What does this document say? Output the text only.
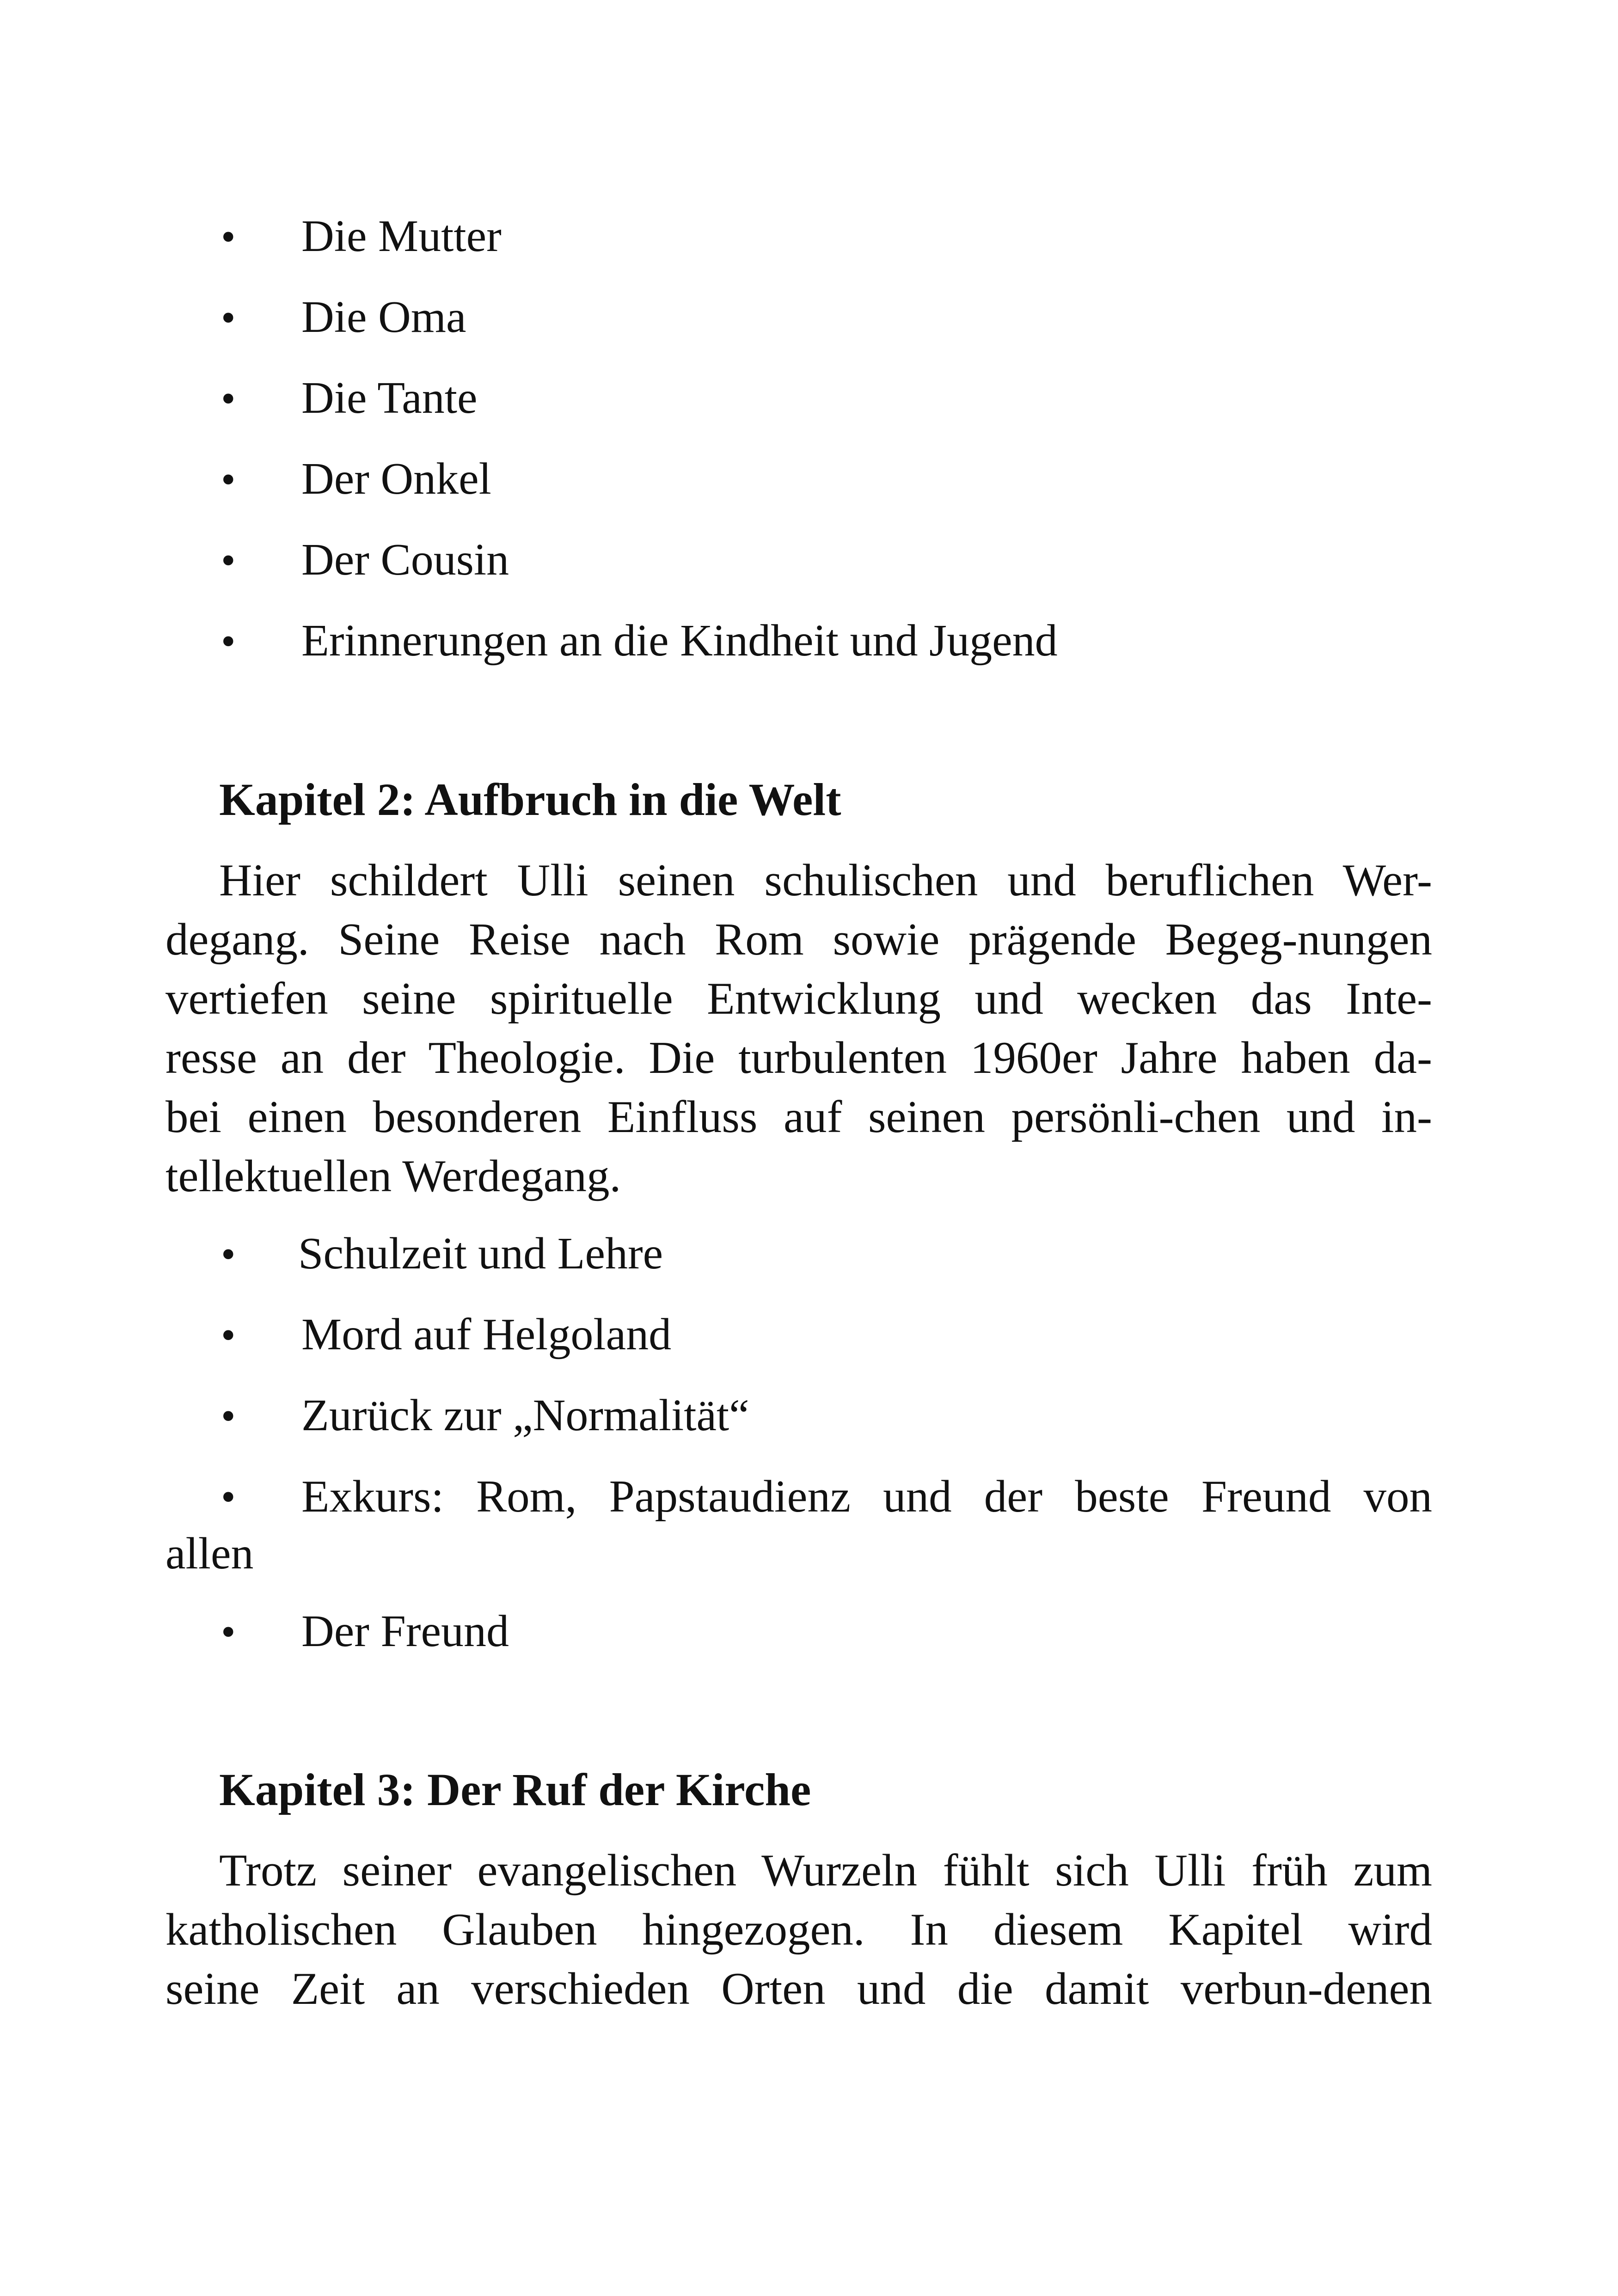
• Die Mutter
• Die Oma
• Die Tante
• Der Onkel
• Der Cousin
• Erinnerungen an die Kindheit und Jugend
Kapitel 2: Aufbruch in die Welt

Hier schildert Ulli seinen schulischen und beruflichen Wer-

degang. Seine Reise nach Rom sowie prägende Begeg-nungen

vertiefen seine spirituelle Entwicklung und wecken das Inte-

resse an der Theologie. Die turbulenten 1960er Jahre haben da-

bei einen besonderen Einfluss auf seinen persönli-chen und in-

tellektuellen Werdegang.

• Schulzeit und Lehre
• Mord auf Helgoland
• Zurück zur „Normalität“
• Exkurs: Rom, Papstaudienz und der beste Freund von

allen
• Der Freund
Kapitel 3: Der Ruf der Kirche

Trotz seiner evangelischen Wurzeln fühlt sich Ulli früh zum

katholischen Glauben hingezogen. In diesem Kapitel wird

seine Zeit an verschieden Orten und die damit verbun-denen
